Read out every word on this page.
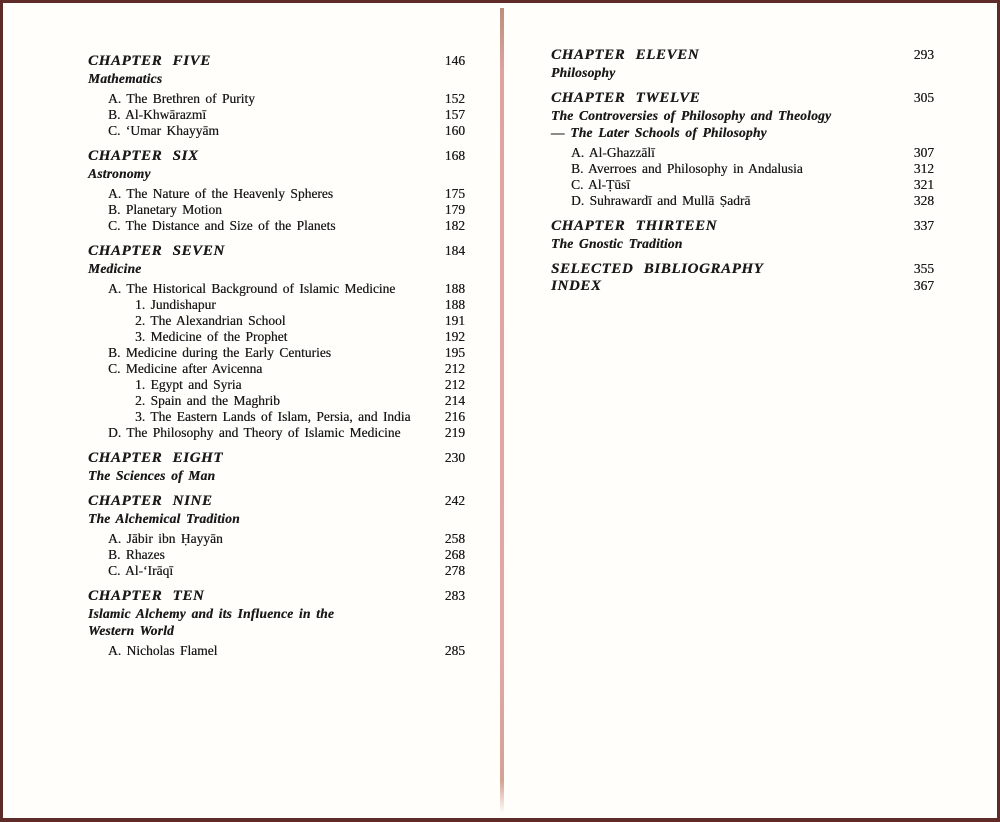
CHAPTER FIVE	146
Mathematics
A. The Brethren of Purity	152
B. Al-Khwārazmī	157
C. ‘Umar Khayyām	160
CHAPTER SIX	168
Astronomy
A. The Nature of the Heavenly Spheres	175
B. Planetary Motion	179
C. The Distance and Size of the Planets	182
CHAPTER SEVEN	184
Medicine
A. The Historical Background of Islamic Medicine	188
1. Jundishapur	188
2. The Alexandrian School	191
3. Medicine of the Prophet	192
B. Medicine during the Early Centuries	195
C. Medicine after Avicenna	212
1. Egypt and Syria	212
2. Spain and the Maghrib	214
3. The Eastern Lands of Islam, Persia, and India	216
D. The Philosophy and Theory of Islamic Medicine	219
CHAPTER EIGHT	230
The Sciences of Man
CHAPTER NINE	242
The Alchemical Tradition
A. Jābir ibn Ḥayyān	258
B. Rhazes	268
C. Al-‘Irāqī	278
CHAPTER TEN	283
Islamic Alchemy and its Influence in the
Western World
A. Nicholas Flamel	285
CHAPTER ELEVEN	293
Philosophy
CHAPTER TWELVE	305
The Controversies of Philosophy and Theology
— The Later Schools of Philosophy
A. Al-Ghazzālī	307
B. Averroes and Philosophy in Andalusia	312
C. Al-Ṭūsī	321
D. Suhrawardī and Mullā Ṣadrā	328
CHAPTER THIRTEEN	337
The Gnostic Tradition
SELECTED BIBLIOGRAPHY	355
INDEX	367
